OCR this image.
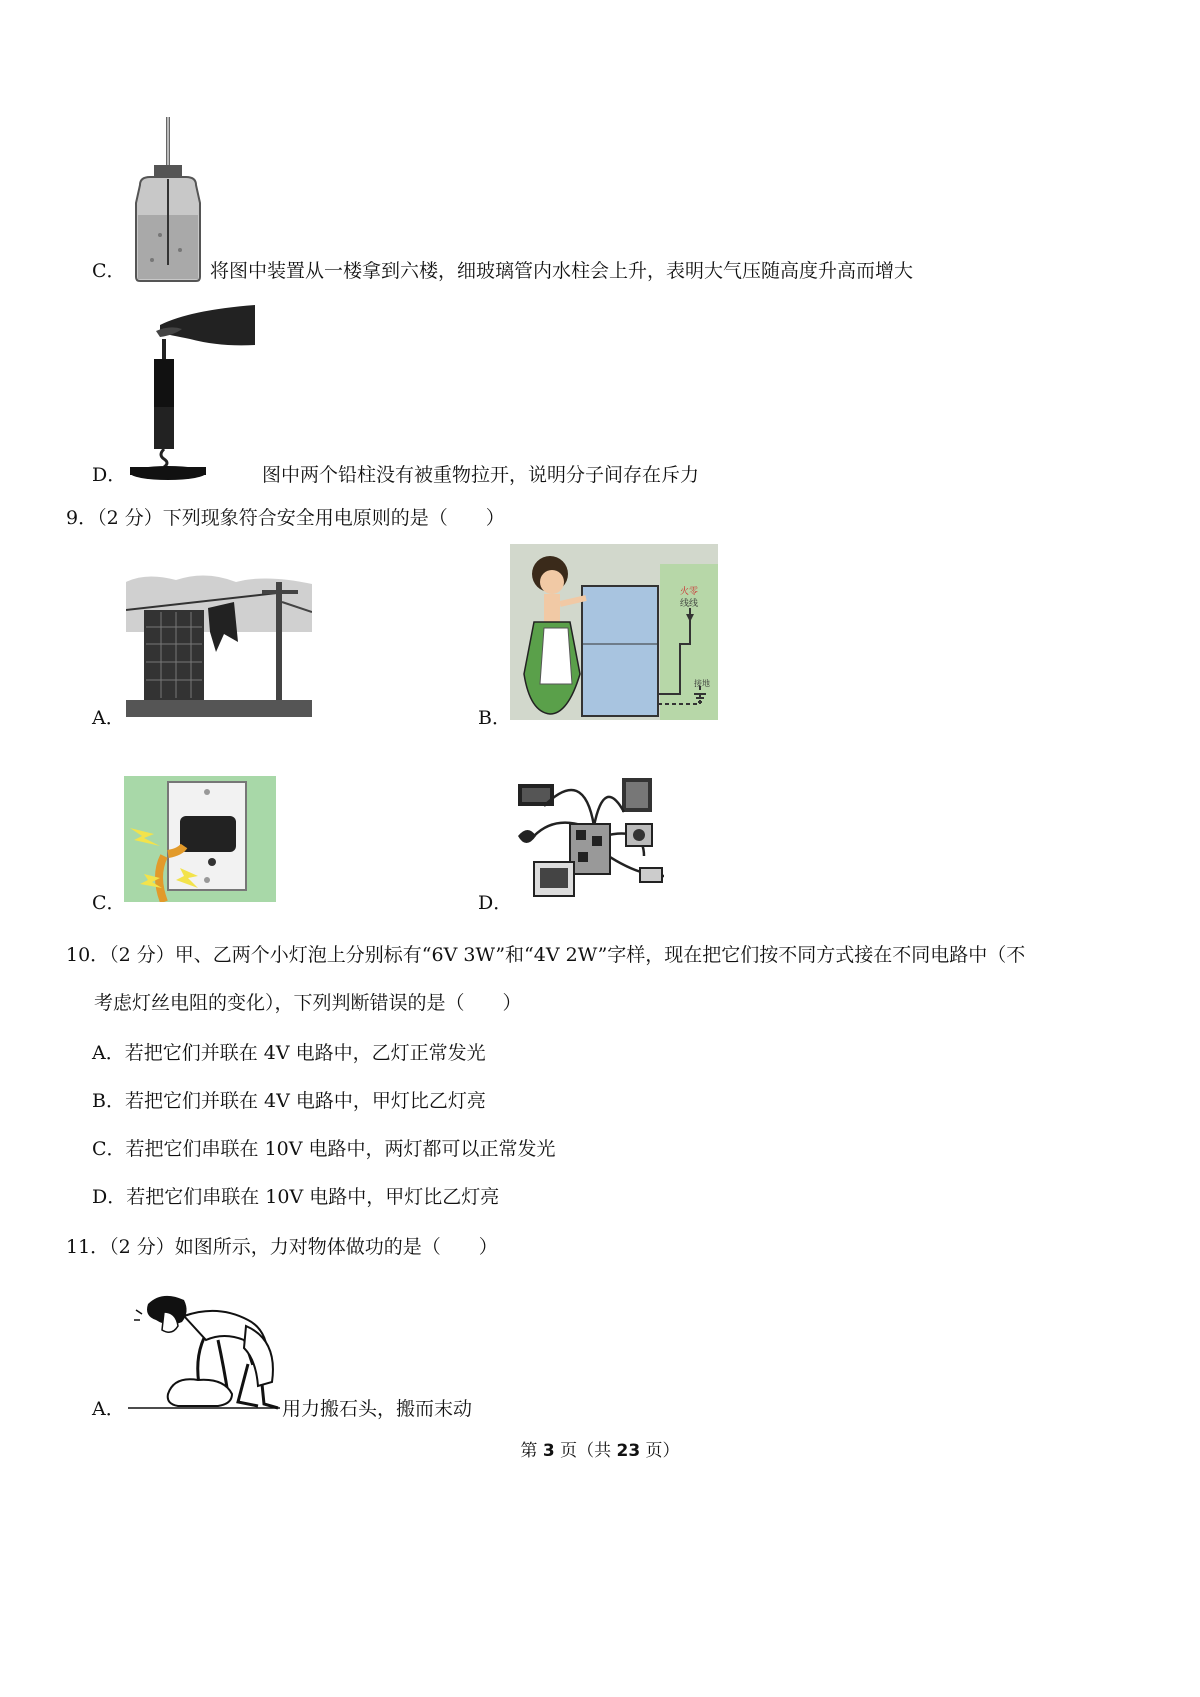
C．	将图中装置从一楼拿到六楼，细玻璃管内水柱会上升，表明大气压随高度升高而增大
D．	图中两个铅柱没有被重物拉开，说明分子间存在斥力
9．（2 分）下列现象符合安全用电原则的是（　　）
A．
火零
线线
接地
B．
C．	D．
10．（2 分）甲、乙两个小灯泡上分别标有“6V 3W”和“4V 2W”字样，现在把它们按不同方式接在不同电路中（不
考虑灯丝电阻的变化），下列判断错误的是（　　）
A．若把它们并联在 4V 电路中，乙灯正常发光
B．若把它们并联在 4V 电路中，甲灯比乙灯亮
C．若把它们串联在 10V 电路中，两灯都可以正常发光
D．若把它们串联在 10V 电路中，甲灯比乙灯亮
11．（2 分）如图所示，力对物体做功的是（　　）
A．	用力搬石头，搬而末动
第 3 页（共 23 页）
